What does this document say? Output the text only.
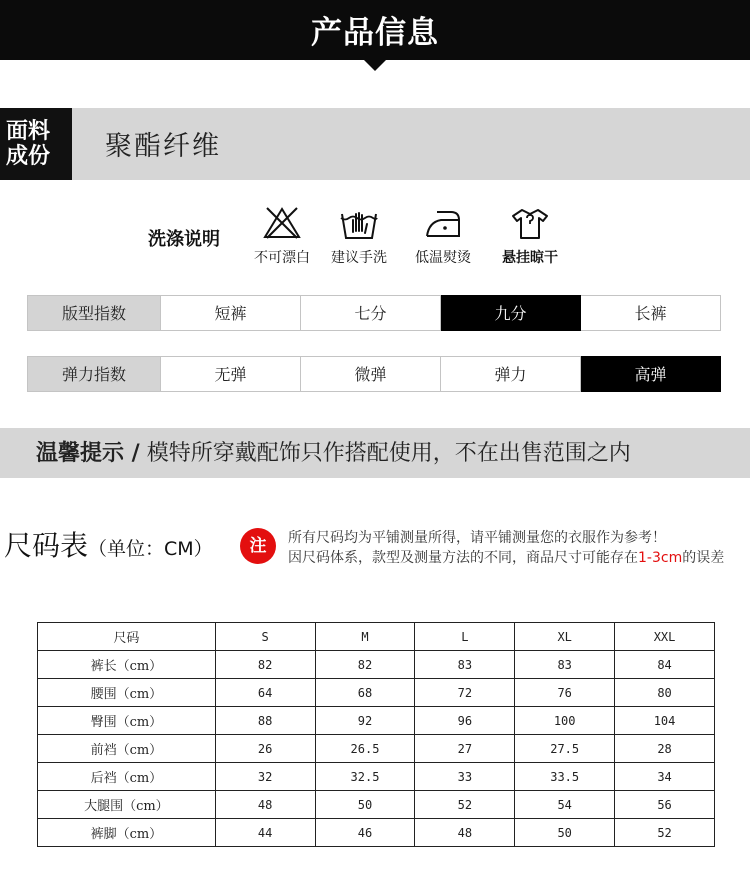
产品信息
面料
成份	聚酯纤维
洗涤说明
不可漂白	建议手洗	低温熨烫	悬挂晾干
版型指数	短裤	七分	九分	长裤
弹力指数	无弹	微弹	弹力	高弹
温馨提示 / 模特所穿戴配饰只作搭配使用，不在出售范围之内
尺码表（单位：CM）	注	所有尺码均为平铺测量所得，请平铺测量您的衣服作为参考！
因尺码体系，款型及测量方法的不同，商品尺寸可能存在1-3cm的误差
尺码	S	M	L	XL	XXL
裤长（cm）	82	82	83	83	84
腰围（cm）	64	68	72	76	80
臀围（cm）	88	92	96	100	104
前裆（cm）	26	26.5	27	27.5	28
后裆（cm）	32	32.5	33	33.5	34
大腿围（cm）	48	50	52	54	56
裤脚（cm）	44	46	48	50	52
